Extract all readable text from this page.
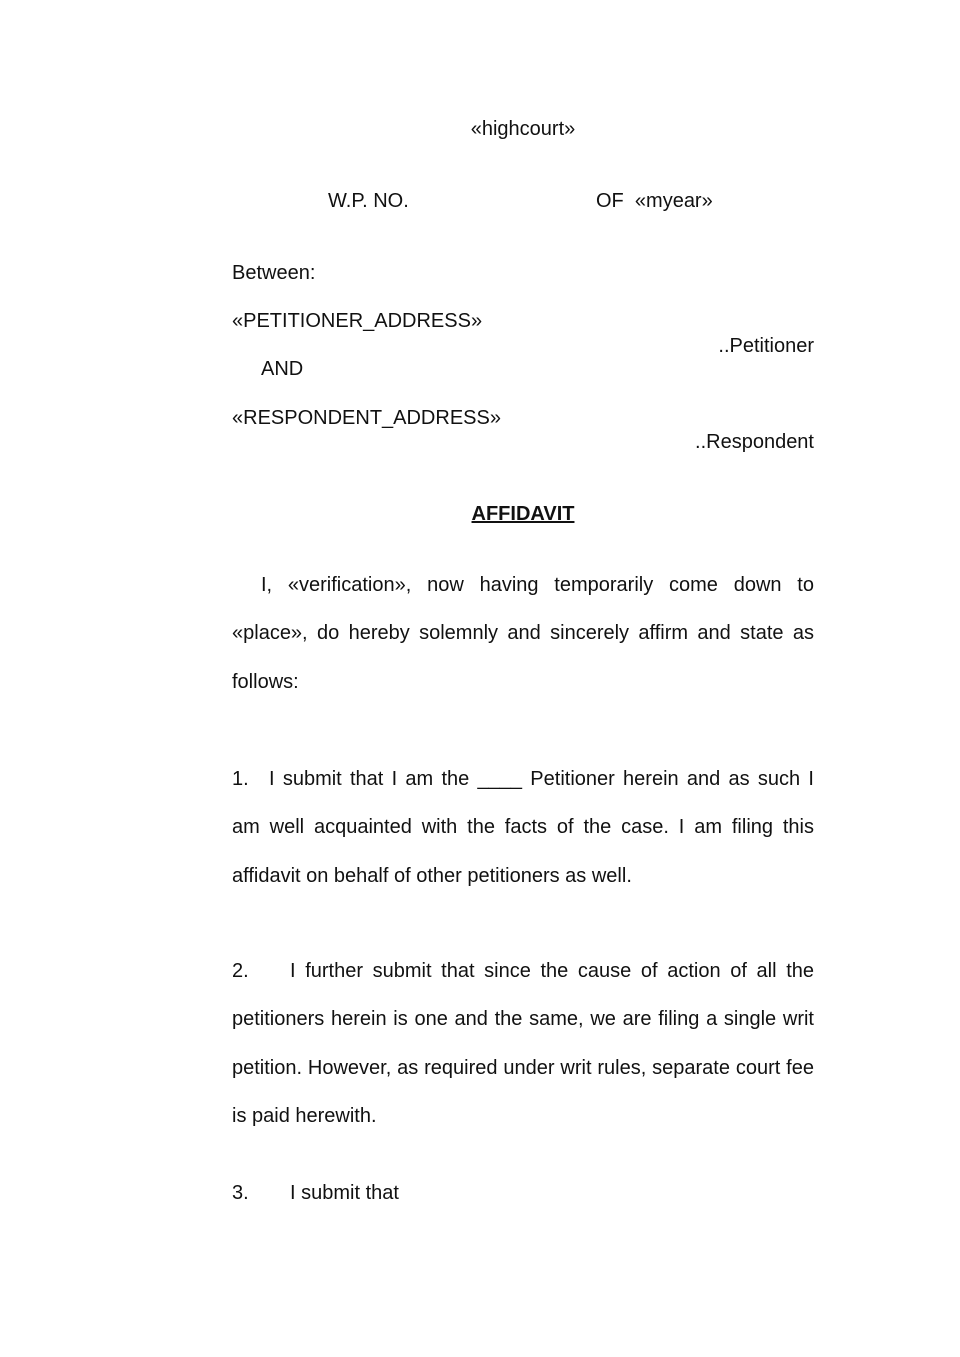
«highcourt»
W.P. NO.	OF «myear»
Between:
«PETITIONER_ADDRESS»
..Petitioner
AND
«RESPONDENT_ADDRESS»
..Respondent
AFFIDAVIT
I, «verification», now having temporarily come down to «place», do hereby solemnly and sincerely affirm and state as follows:
1. I submit that I am the ____ Petitioner herein and as such I am well acquainted with the facts of the case. I am filing this affidavit on behalf of other petitioners as well.
2. I further submit that since the cause of action of all the petitioners herein is one and the same, we are filing a single writ petition. However, as required under writ rules, separate court fee is paid herewith.
3. I submit that
